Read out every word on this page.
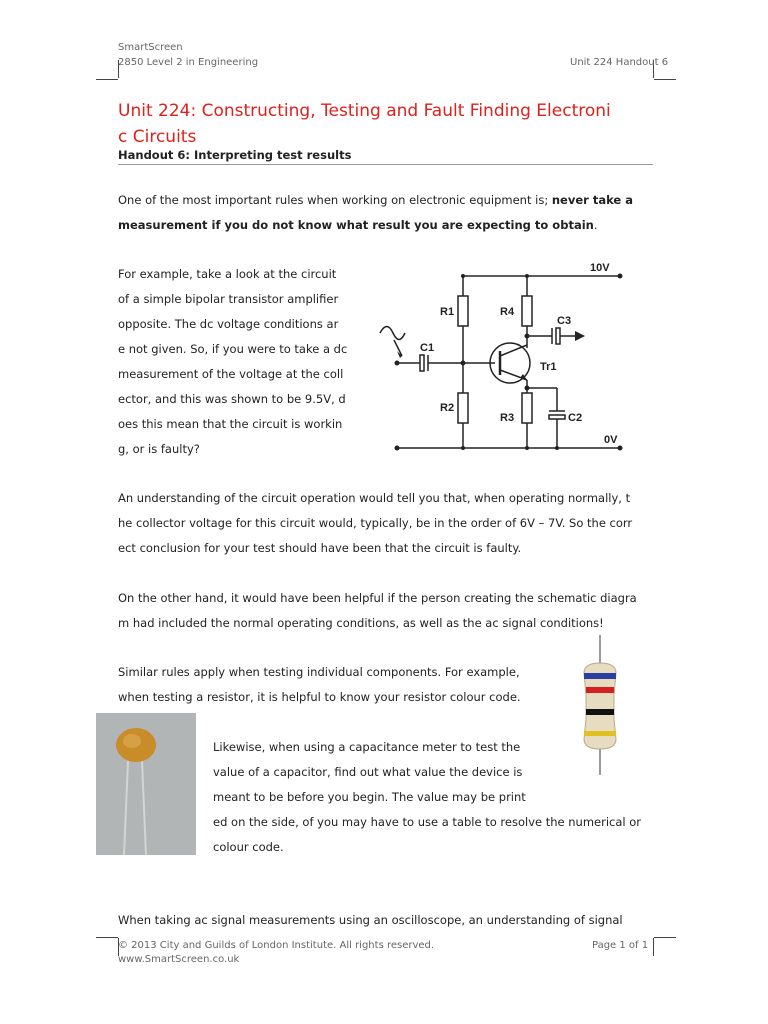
SmartScreen
2850 Level 2 in Engineering	Unit 224 Handout 6
Unit 224: Constructing, Testing and Fault Finding Electroni
c Circuits
Handout 6: Interpreting test results

One of the most important rules when working on electronic equipment is; never take a

measurement if you do not know what result you are expecting to obtain.

For example, take a look at the circuit

of a simple bipolar transistor amplifier

opposite. The dc voltage conditions ar

e not given. So, if you were to take a dc

measurement of the voltage at the coll

ector, and this was shown to be 9.5V, d

oes this mean that the circuit is workin

g, or is faulty?

10V
0V
R1
R2
R3
R4
C1
C2
C3
Tr1

An understanding of the circuit operation would tell you that, when operating normally, t

he collector voltage for this circuit would, typically, be in the order of 6V – 7V. So the corr

ect conclusion for your test should have been that the circuit is faulty.

On the other hand, it would have been helpful if the person creating the schematic diagra

m had included the normal operating conditions, as well as the ac signal conditions!

Similar rules apply when testing individual components. For example,

when testing a resistor, it is helpful to know your resistor colour code.

Likewise, when using a capacitance meter to test the

value of a capacitor, find out what value the device is

meant to be before you begin. The value may be print

ed on the side, of you may have to use a table to resolve the numerical or

colour code.

When taking ac signal measurements using an oscilloscope, an understanding of signal
© 2013 City and Guilds of London Institute. All rights reserved.	Page 1 of 1
www.SmartScreen.co.uk
